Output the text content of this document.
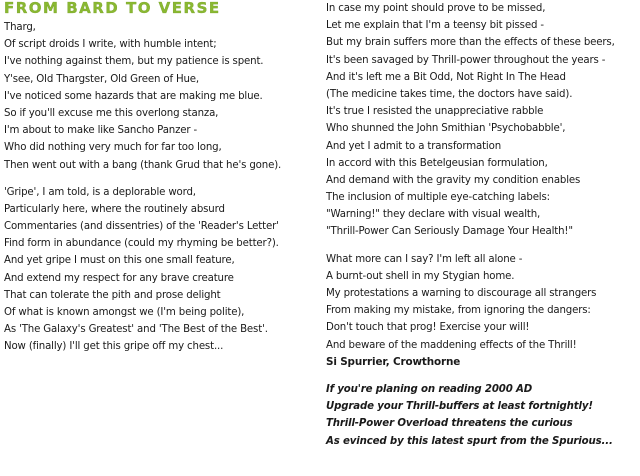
FROM BARD TO VERSE
Tharg,
Of script droids I write, with humble intent;
I've nothing against them, but my patience is spent.
Y'see, Old Thargster, Old Green of Hue,
I've noticed some hazards that are making me blue.
So if you'll excuse me this overlong stanza,
I'm about to make like Sancho Panzer -
Who did nothing very much for far too long,
Then went out with a bang (thank Grud that he's gone).
'Gripe', I am told, is a deplorable word,
Particularly here, where the routinely absurd
Commentaries (and dissentries) of the 'Reader's Letter'
Find form in abundance (could my rhyming be better?).
And yet gripe I must on this one small feature,
And extend my respect for any brave creature
That can tolerate the pith and prose delight
Of what is known amongst we (I'm being polite),
As 'The Galaxy's Greatest' and 'The Best of the Best'.
Now (finally) I'll get this gripe off my chest...
In case my point should prove to be missed,
Let me explain that I'm a teensy bit pissed -
But my brain suffers more than the effects of these beers,
It's been savaged by Thrill-power throughout the years -
And it's left me a Bit Odd, Not Right In The Head
(The medicine takes time, the doctors have said).
It's true I resisted the unappreciative rabble
Who shunned the John Smithian 'Psychobabble',
And yet I admit to a transformation
In accord with this Betelgeusian formulation,
And demand with the gravity my condition enables
The inclusion of multiple eye-catching labels:
"Warning!" they declare with visual wealth,
"Thrill-Power Can Seriously Damage Your Health!"
What more can I say? I'm left all alone -
A burnt-out shell in my Stygian home.
My protestations a warning to discourage all strangers
From making my mistake, from ignoring the dangers:
Don't touch that prog! Exercise your will!
And beware of the maddening effects of the Thrill!
Si Spurrier, Crowthorne
If you're planing on reading 2000 AD
Upgrade your Thrill-buffers at least fortnightly!
Thrill-Power Overload threatens the curious
As evinced by this latest spurt from the Spurious...
